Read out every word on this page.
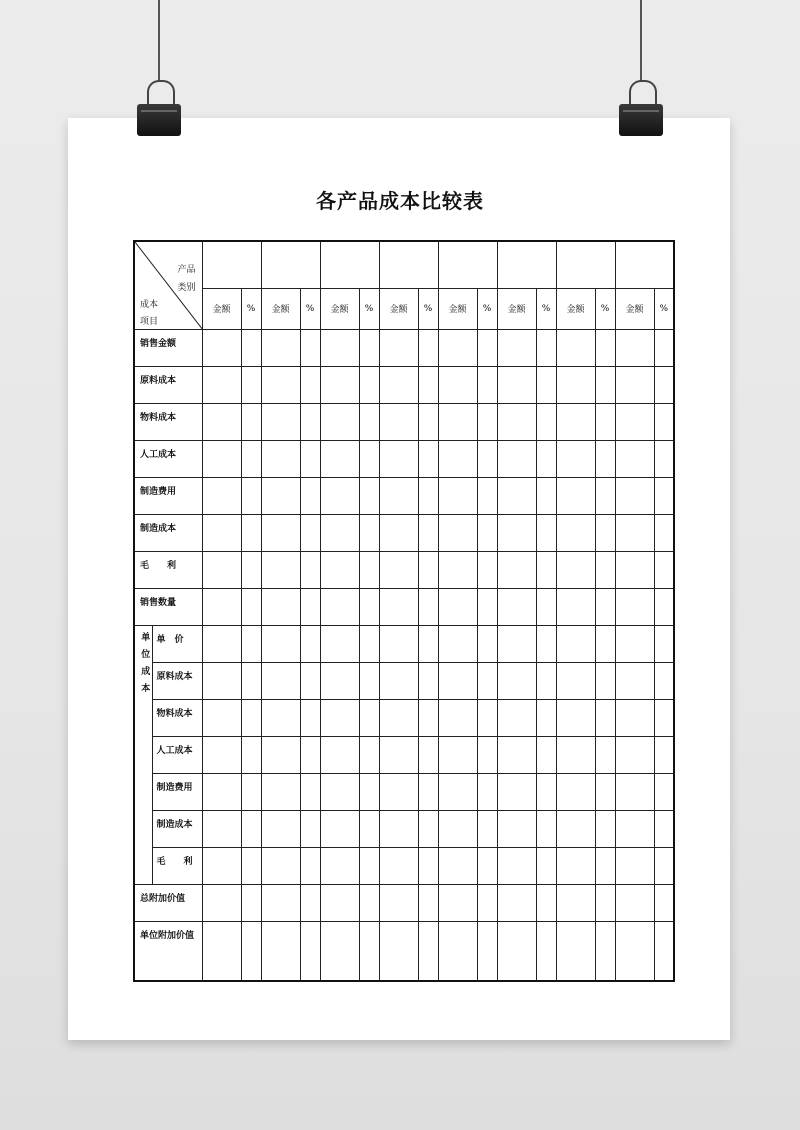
各产品成本比较表
产品
类别
成本
项目																	

		金额	%	金额	%	金额	%	金额	%	金额	%	金额	%	金额	%	金额	%
销售金额																	
原料成本																	
物料成本																	
人工成本																	
制造费用																	
制造成本																	
毛　　利																	
销售数量																	

单
位
成
本	单　价																
	原料成本																
	物料成本																
	人工成本																
	制造费用																
	制造成本																
	毛　　利																
总附加价值																	
单位附加价值																	
